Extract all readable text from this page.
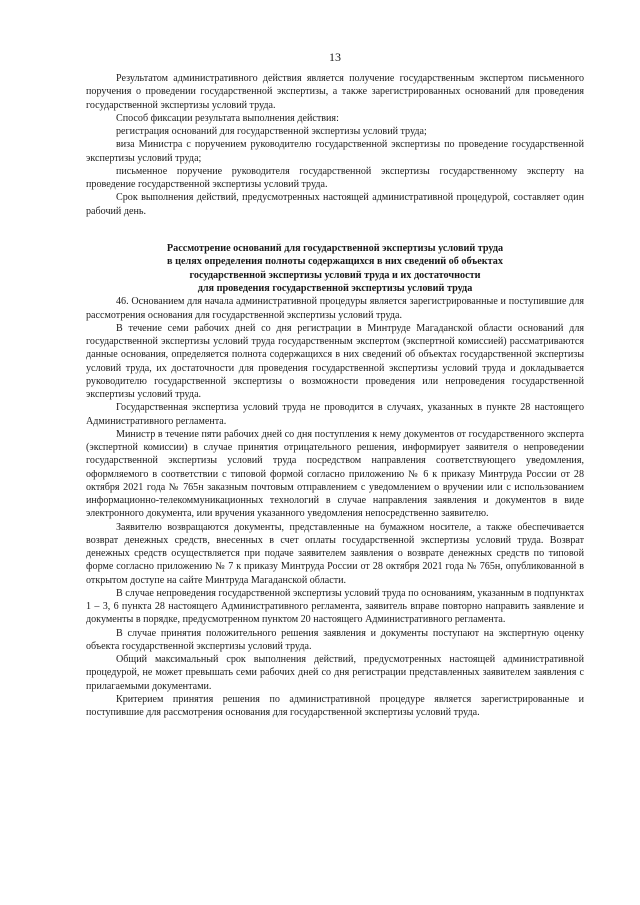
13

Результатом административного действия является получение государственным экспертом письменного поручения о проведении государственной экспертизы, а также зарегистрированных оснований для проведения государственной экспертизы условий труда.

Способ фиксации результата выполнения действия:

регистрация оснований для государственной экспертизы условий труда;

виза Министра с поручением руководителю государственной экспертизы по проведение государственной экспертизы условий труда;

письменное поручение руководителя государственной экспертизы государственному эксперту на проведение государственной экспертизы условий труда.

Срок выполнения действий, предусмотренных настоящей административной процедурой, составляет один рабочий день.

Рассмотрение оснований для государственной экспертизы условий труда
в целях определения полноты содержащихся в них сведений об объектах
государственной экспертизы условий труда и их достаточности
для проведения государственной экспертизы условий труда

46. Основанием для начала административной процедуры является зарегистрированные и поступившие для рассмотрения основания для государственной экспертизы условий труда.

В течение семи рабочих дней со дня регистрации в Минтруде Магаданской области оснований для государственной экспертизы условий труда государственным экспертом (экспертной комиссией) рассматриваются данные основания, определяется полнота содержащихся в них сведений об объектах государственной экспертизы условий труда, их достаточности для проведения государственной экспертизы условий труда и докладывается руководителю государственной экспертизы о возможности проведения или непроведения государственной экспертизы условий труда.

Государственная экспертиза условий труда не проводится в случаях, указанных в пункте 28 настоящего Административного регламента.

Министр в течение пяти рабочих дней со дня поступления к нему документов от государственного эксперта (экспертной комиссии) в случае принятия отрицательного решения, информирует заявителя о непроведении государственной экспертизы условий труда посредством направления соответствующего уведомления, оформляемого в соответствии с типовой формой согласно приложению № 6 к приказу Минтруда России от 28 октября 2021 года № 765н заказным почтовым отправлением с уведомлением о вручении или с использованием информационно-телекоммуникационных технологий в случае направления заявления и документов в виде электронного документа, или вручения указанного уведомления непосредственно заявителю.

Заявителю возвращаются документы, представленные на бумажном носителе, а также обеспечивается возврат денежных средств, внесенных в счет оплаты государственной экспертизы условий труда. Возврат денежных средств осуществляется при подаче заявителем заявления о возврате денежных средств по типовой форме согласно приложению № 7 к приказу Минтруда России от 28 октября 2021 года № 765н, опубликованной в открытом доступе на сайте Минтруда Магаданской области.

В случае непроведения государственной экспертизы условий труда по основаниям, указанным в подпунктах 1 – 3, 6 пункта 28 настоящего Административного регламента, заявитель вправе повторно направить заявление и документы в порядке, предусмотренном пунктом 20 настоящего Административного регламента.

В случае принятия положительного решения заявления и документы поступают на экспертную оценку объекта государственной экспертизы условий труда.

Общий максимальный срок выполнения действий, предусмотренных настоящей административной процедурой, не может превышать семи рабочих дней со дня регистрации представленных заявителем заявления с прилагаемыми документами.

Критерием принятия решения по административной процедуре является зарегистрированные и поступившие для рассмотрения основания для государственной экспертизы условий труда.
